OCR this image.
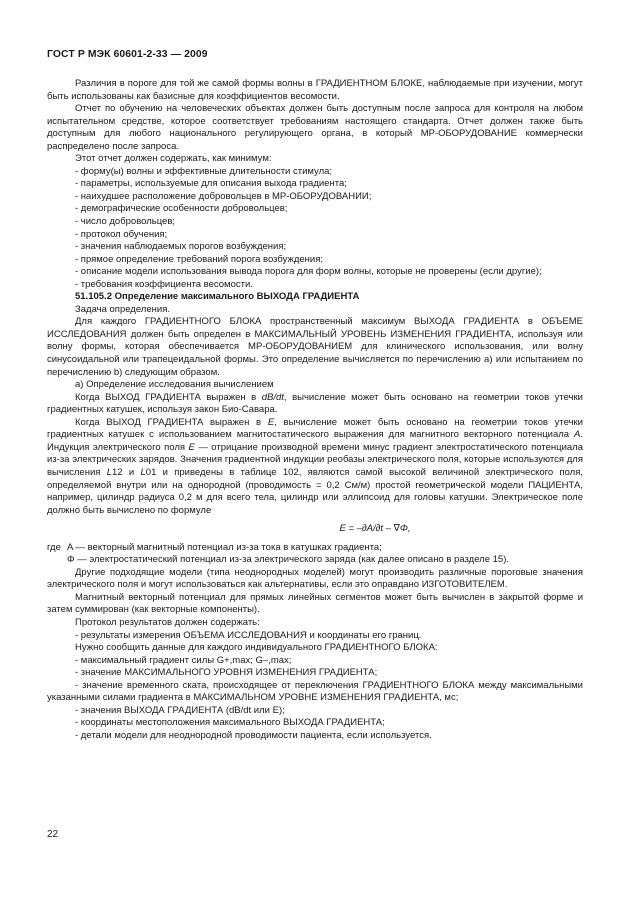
ГОСТ Р МЭК 60601-2-33 — 2009

Различия в пороге для той же самой формы волны в ГРАДИЕНТНОМ БЛОКЕ, наблюдаемые при изучении, могут быть использованы как базисные для коэффициентов весомости.

Отчет по обучению на человеческих объектах должен быть доступным после запроса для контроля на любом испытательном средстве, которое соответствует требованиям настоящего стандарта. Отчет должен также быть доступным для любого национального регулирующего органа, в который МР-ОБОРУДОВАНИЕ коммерчески распределено после запроса.

Этот отчет должен содержать, как минимум:

- форму(ы) волны и эффективные длительности стимула;

- параметры, используемые для описания выхода градиента;

- наихудшее расположение добровольцев в МР-ОБОРУДОВАНИИ;

- демографические особенности добровольцев;

- число добровольцев;

- протокол обучения;

- значения наблюдаемых порогов возбуждения;

- прямое определение требований порога возбуждения;

- описание модели использования вывода порога для форм волны, которые не проверены (если другие);

- требования коэффициента весомости.

51.105.2 Определение максимального ВЫХОДА ГРАДИЕНТА

Задача определения.

Для каждого ГРАДИЕНТНОГО БЛОКА пространственный максимум ВЫХОДА ГРАДИЕНТА в ОБЪЕМЕ ИССЛЕДОВАНИЯ должен быть определен в МАКСИМАЛЬНЫЙ УРОВЕНЬ ИЗМЕНЕНИЯ ГРАДИЕНТА, используя или волну формы, которая обеспечивается МР-ОБОРУДОВАНИЕМ для клинического использования, или волну синусоидальной или трапецеидальной формы. Это определение вычисляется по перечислению а) или испытанием по перечислению b) следующим образом.

а) Определение исследования вычислением

Когда ВЫХОД ГРАДИЕНТА выражен в dB/dt, вычисление может быть основано на геометрии токов утечки градиентных катушек, используя закон Био-Савара.

Когда ВЫХОД ГРАДИЕНТА выражен в E, вычисление может быть основано на геометрии токов утечки градиентных катушек с использованием магнитостатического выражения для магнитного векторного потенциала A. Индукция электрического поля E — отрицание производной времени минус градиент электростатического потенциала из-за электрических зарядов. Значения градиентной индукции реобазы электрического поля, которые используются для вычисления L12 и L01 и приведены в таблице 102, являются самой высокой величиной электрического поля, определяемой внутри или на однородной (проводимость = 0,2 См/м) простой геометрической модели ПАЦИЕНТА, например, цилиндр радиуса 0,2 м для всего тела, цилиндр или эллипсоид для головы катушки. Электрическое поле должно быть вычислено по формуле

E = –∂A/∂t – ∇Φ,

где A — векторный магнитный потенциал из-за тока в катушках градиента;

Φ — электростатический потенциал из-за электрического заряда (как далее описано в разделе 15).

Другие подходящие модели (типа неоднородных моделей) могут производить различные пороговые значения электрического поля и могут использоваться как альтернативы, если это оправдано ИЗГОТОВИТЕЛЕМ.

Магнитный векторный потенциал для прямых линейных сегментов может быть вычислен в закрытой форме и затем суммирован (как векторные компоненты).

Протокол результатов должен содержать:

- результаты измерения ОБЪЕМА ИССЛЕДОВАНИЯ и координаты его границ.

Нужно сообщить данные для каждого индивидуального ГРАДИЕНТНОГО БЛОКА:

- максимальный градиент силы G+,max; G–,max;

- значение МАКСИМАЛЬНОГО УРОВНЯ ИЗМЕНЕНИЯ ГРАДИЕНТА;

- значение временного ската, происходящее от переключения ГРАДИЕНТНОГО БЛОКА между максимальными указанными силами градиента в МАКСИМАЛЬНОМ УРОВНЕ ИЗМЕНЕНИЯ ГРАДИЕНТА, мс;

- значения ВЫХОДА ГРАДИЕНТА (dB/dt или E);

- координаты местоположения максимального ВЫХОДА ГРАДИЕНТА;

- детали модели для неоднородной проводимости пациента, если используется.

22
